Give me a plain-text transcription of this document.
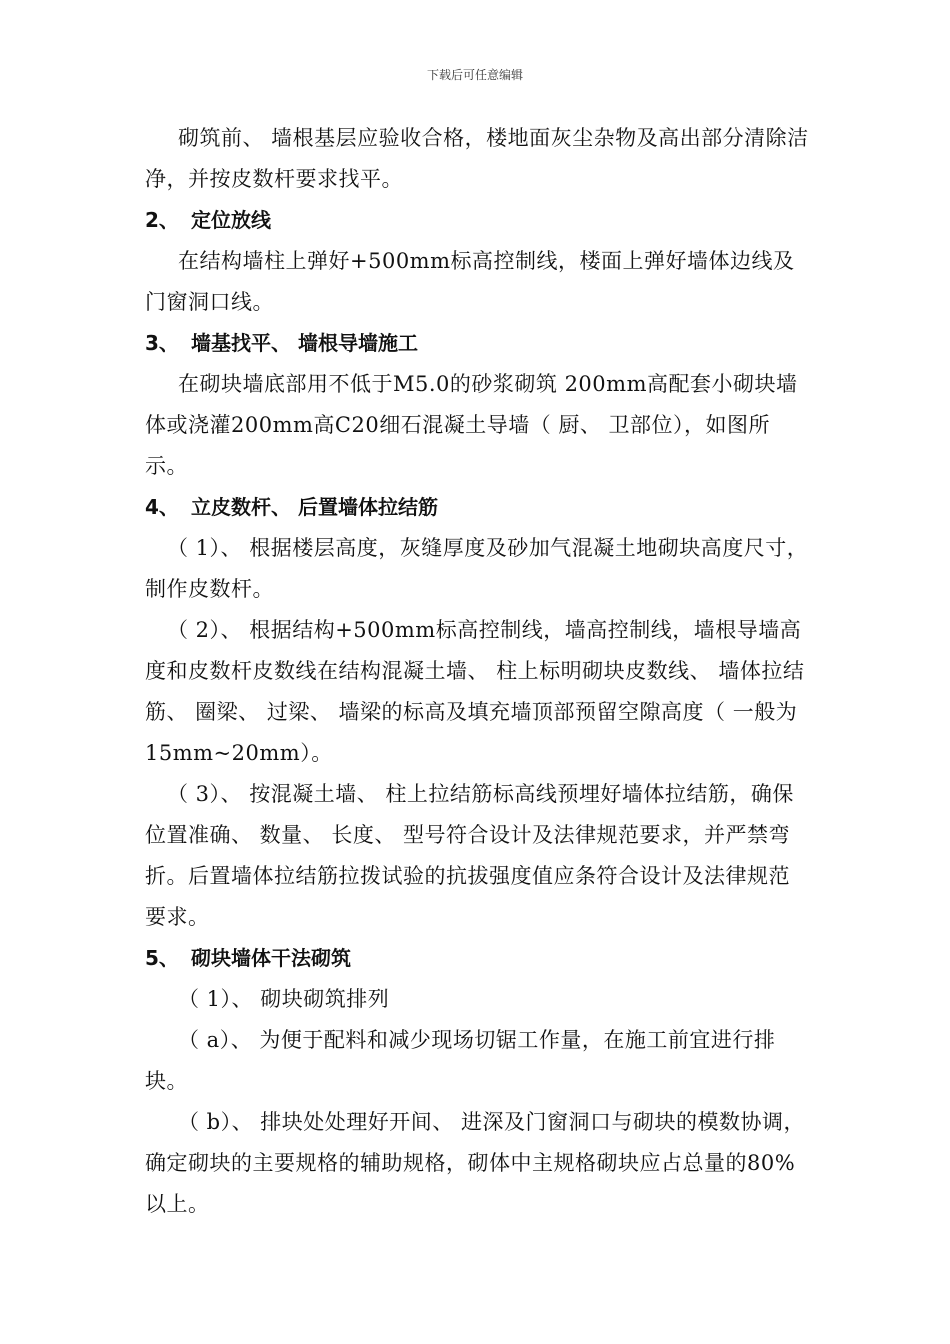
下载后可任意编辑

砌筑前、 墙根基层应验收合格，楼地面灰尘杂物及高出部分清除洁净，并按皮数杆要求找平。

2、 定位放线

在结构墙柱上弹好+500mm标高控制线，楼面上弹好墙体边线及门窗洞口线。

3、 墙基找平、 墙根导墙施工

在砌块墙底部用不低于M5.0的砂浆砌筑 200mm高配套小砌块墙体或浇灌200mm高C20细石混凝土导墙（ 厨、 卫部位），如图所示。

4、 立皮数杆、 后置墙体拉结筋

（ 1）、 根据楼层高度，灰缝厚度及砂加气混凝土地砌块高度尺寸，制作皮数杆。

（ 2）、 根据结构+500mm标高控制线，墙高控制线，墙根导墙高度和皮数杆皮数线在结构混凝土墙、 柱上标明砌块皮数线、 墙体拉结筋、 圈梁、 过梁、 墙梁的标高及填充墙顶部预留空隙高度（ 一般为15mm~20mm）。

（ 3）、 按混凝土墙、 柱上拉结筋标高线预埋好墙体拉结筋，确保位置准确、 数量、 长度、 型号符合设计及法律规范要求，并严禁弯折。后置墙体拉结筋拉拨试验的抗拔强度值应条符合设计及法律规范要求。

5、 砌块墙体干法砌筑

（ 1）、 砌块砌筑排列

（ a）、 为便于配料和减少现场切锯工作量，在施工前宜进行排块。

（ b）、 排块处处理好开间、 进深及门窗洞口与砌块的模数协调，确定砌块的主要规格的辅助规格，砌体中主规格砌块应占总量的80%以上。
